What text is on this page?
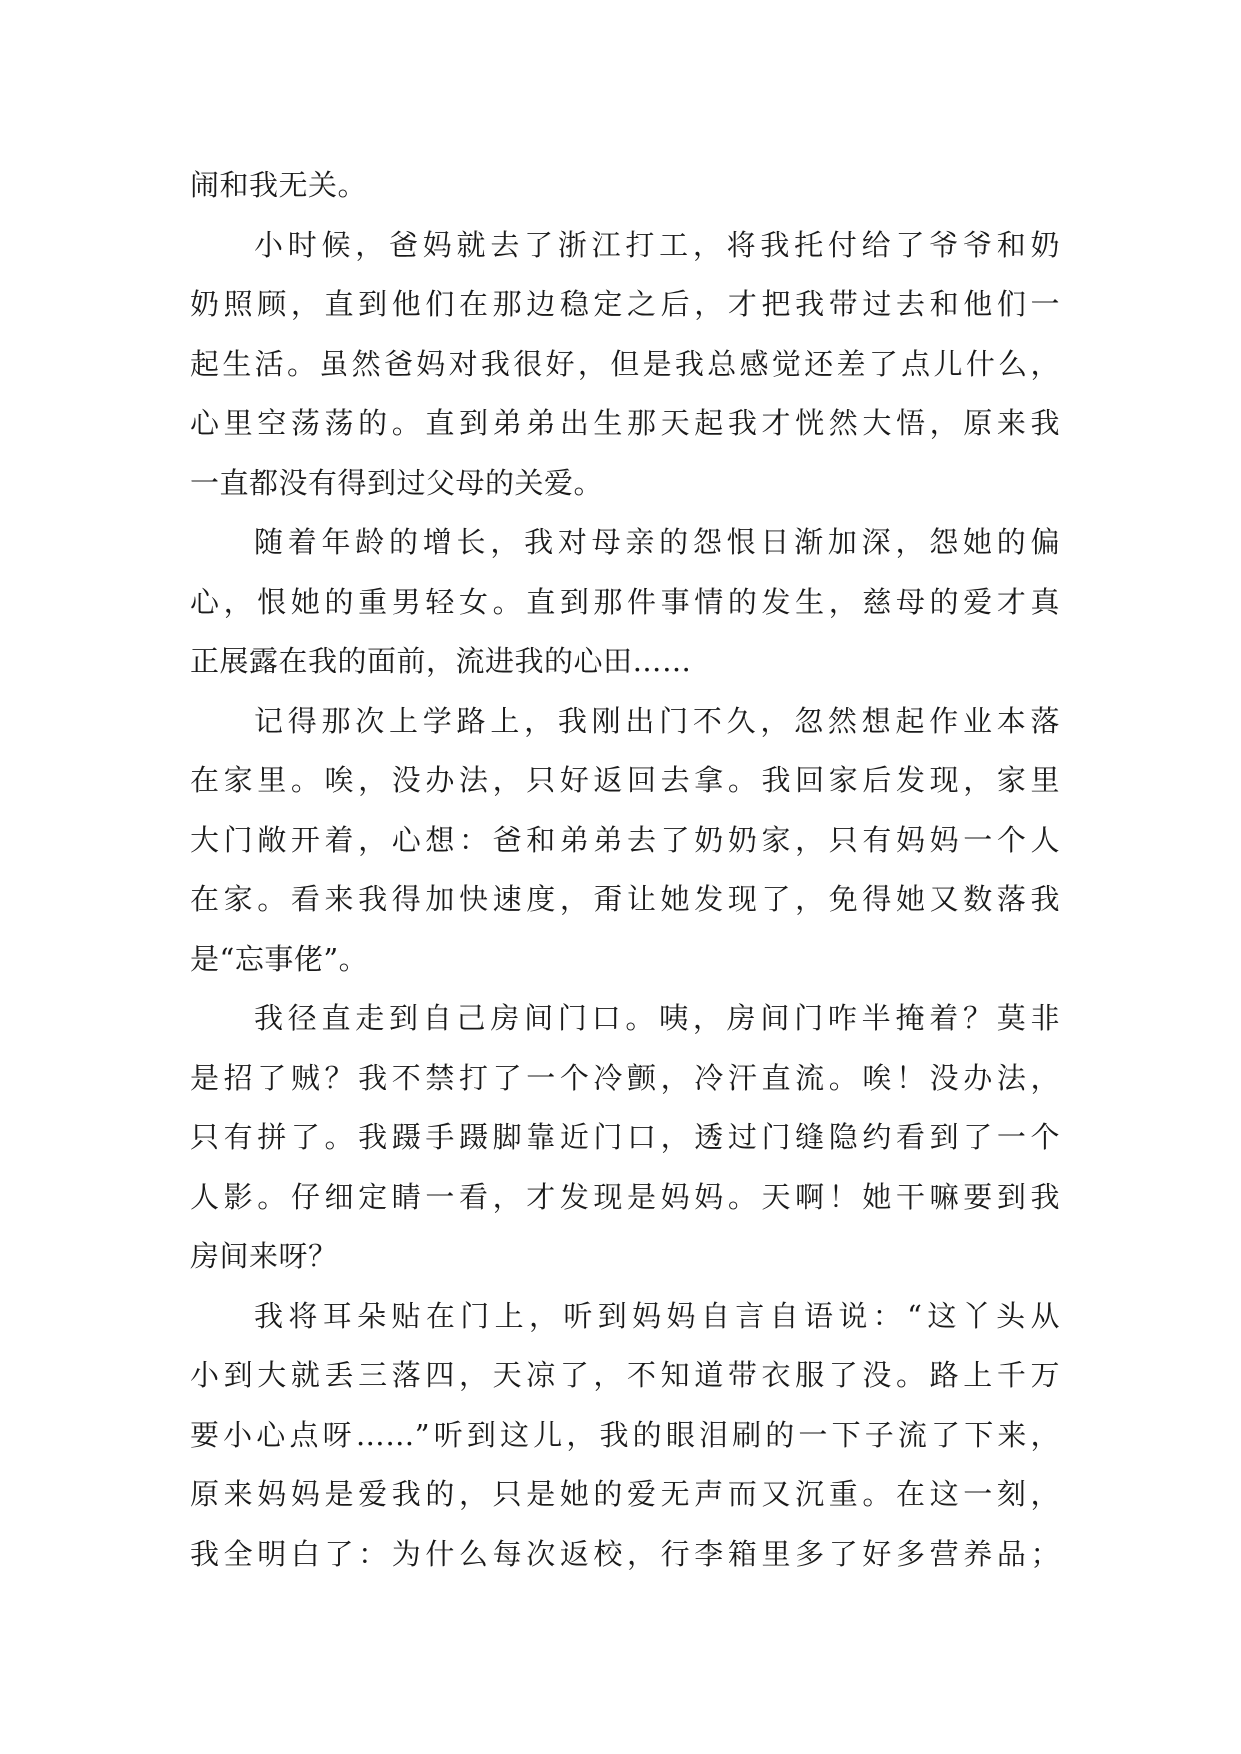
闹和我无关。
小时候，爸妈就去了浙江打工，将我托付给了爷爷和奶
奶照顾，直到他们在那边稳定之后，才把我带过去和他们一
起生活。虽然爸妈对我很好，但是我总感觉还差了点儿什么，
心里空荡荡的。直到弟弟出生那天起我才恍然大悟，原来我
一直都没有得到过父母的关爱。
随着年龄的增长，我对母亲的怨恨日渐加深，怨她的偏
心，恨她的重男轻女。直到那件事情的发生，慈母的爱才真
正展露在我的面前，流进我的心田……
记得那次上学路上，我刚出门不久，忽然想起作业本落
在家里。唉，没办法，只好返回去拿。我回家后发现，家里
大门敞开着，心想：爸和弟弟去了奶奶家，只有妈妈一个人
在家。看来我得加快速度，甭让她发现了，免得她又数落我
是“忘事佬”。
我径直走到自己房间门口。咦，房间门咋半掩着？莫非
是招了贼？我不禁打了一个冷颤，冷汗直流。唉！没办法，
只有拼了。我蹑手蹑脚靠近门口，透过门缝隐约看到了一个
人影。仔细定睛一看，才发现是妈妈。天啊！她干嘛要到我
房间来呀？
我将耳朵贴在门上，听到妈妈自言自语说：“这丫头从
小到大就丢三落四，天凉了，不知道带衣服了没。路上千万
要小心点呀……”听到这儿，我的眼泪刷的一下子流了下来，
原来妈妈是爱我的，只是她的爱无声而又沉重。在这一刻，
我全明白了：为什么每次返校，行李箱里多了好多营养品；
